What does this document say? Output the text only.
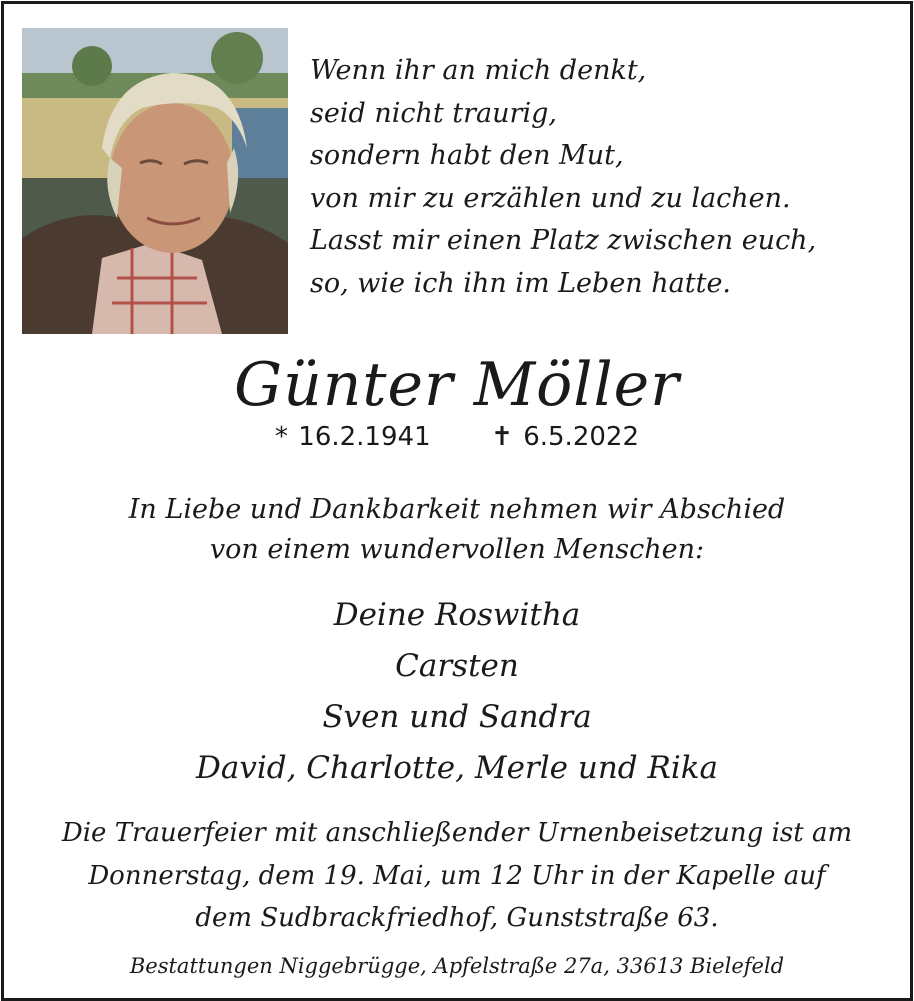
Wenn ihr an mich denkt,
seid nicht traurig,
sondern habt den Mut,
von mir zu erzählen und zu lachen.
Lasst mir einen Platz zwischen euch,
so, wie ich ihn im Leben hatte.
Günter Möller
* 16.2.1941 ✝ 6.5.2022
In Liebe und Dankbarkeit nehmen wir Abschied
von einem wundervollen Menschen:
Deine Roswitha
Carsten
Sven und Sandra
David, Charlotte, Merle und Rika
Die Trauerfeier mit anschließender Urnenbeisetzung ist am
Donnerstag, dem 19. Mai, um 12 Uhr in der Kapelle auf
dem Sudbrackfriedhof, Gunststraße 63.
Bestattungen Niggebrügge, Apfelstraße 27a, 33613 Bielefeld
